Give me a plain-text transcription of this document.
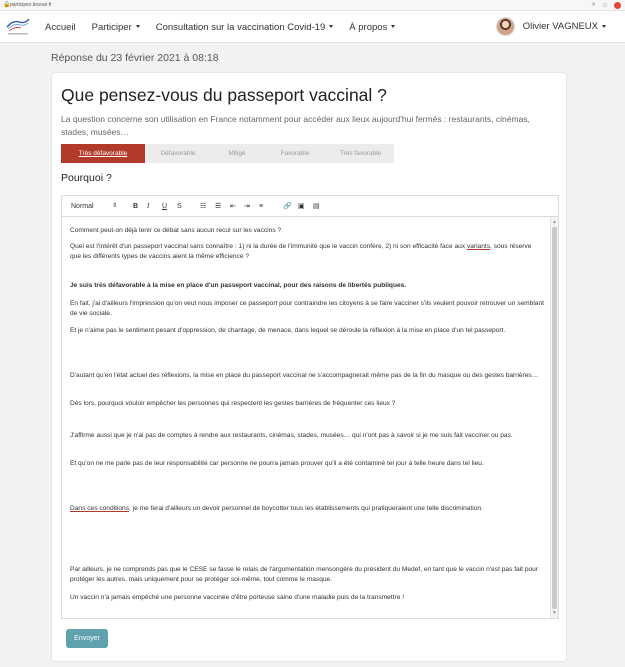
🔒 participez.lecese.fr	⌕ ☆
Accueil Participer	Consultation sur la vaccination Covid-19	À propos	Olivier VAGNEUX
Réponse du 23 février 2021 à 08:18
Que pensez-vous du passeport vaccinal ?

La question concerne son utilisation en France notamment pour accéder aux lieux aujourd'hui fermés : restaurants, cinémas, stades, musées…

Très défavorable	Défavorable	Mitigé	Favorable	Très favorable
Pourquoi ?
Normal	⇕ B I U S	☷ ☰ ⇤ ⇥ ≡	🔗 ▣ ▤

Comment peut-on déjà tenir ce débat sans aucun recul sur les vaccins ?

Quel est l'intérêt d'un passeport vaccinal sans connaître : 1) ni la durée de l'immunité que le vaccin confère, 2) ni son efficacité face aux variants, sous réserve que les différents types de vaccins aient la même efficience ?

Je suis très défavorable à la mise en place d'un passeport vaccinal, pour des raisons de libertés publiques.

En fait, j'ai d'ailleurs l'impression qu'on veut nous imposer ce passeport pour contraindre les citoyens à se faire vacciner s'ils veulent pouvoir retrouver un semblant de vie sociale.

Et je n'aime pas le sentiment pesant d'oppression, de chantage, de menace, dans lequel se déroule la réflexion à la mise en place d'un tel passeport.

D'autant qu'en l'état actuel des réflexions, la mise en place du passeport vaccinal ne s'accompagnerait même pas de la fin du masque ou des gestes barrières…

Dès lors, pourquoi vouloir empêcher les personnes qui respectent les gestes barrières de fréquenter ces lieux ?

J'affirme aussi que je n'ai pas de comptes à rendre aux restaurants, cinémas, stades, musées… qui n'ont pas à savoir si je me suis fait vacciner ou pas.

Et qu'on ne me parle pas de leur responsabilité car personne ne pourra jamais prouver qu'il a été contaminé tel jour à telle heure dans tel lieu.

Dans ces conditions, je me ferai d'ailleurs un devoir personnel de boycotter tous les établissements qui pratiqueraient une telle discrimination.

Par ailleurs, je ne comprends pas que le CESE se fasse le relais de l'argumentation mensongère du président du Medef, en tant que le vaccin n'est pas fait pour protéger les autres, mais uniquement pour se protéger soi-même, tout comme le masque.

Un vaccin n'a jamais empêché une personne vaccinée d'être porteuse saine d'une maladie puis de la transmettre !

▲
▼
Envoyer
